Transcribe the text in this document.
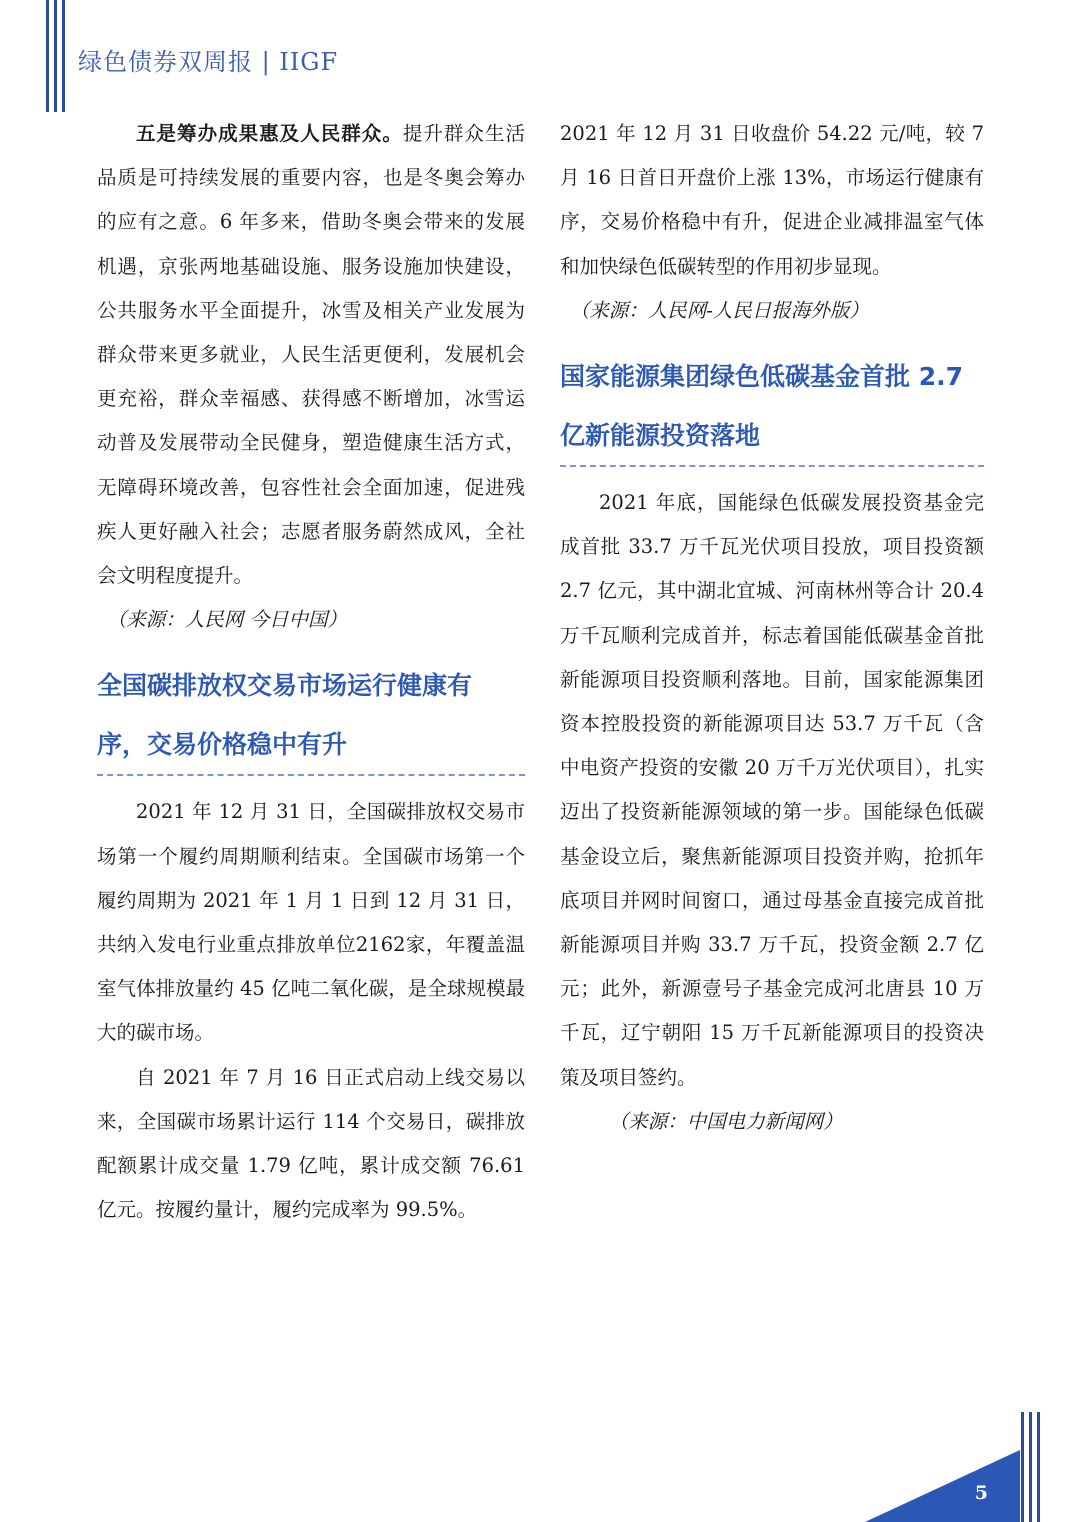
绿色债券双周报 | IIGF

五是筹办成果惠及人民群众。提升群众生活品质是可持续发展的重要内容，也是冬奥会筹办的应有之意。6 年多来，借助冬奥会带来的发展机遇，京张两地基础设施、服务设施加快建设，公共服务水平全面提升，冰雪及相关产业发展为群众带来更多就业，人民生活更便利，发展机会更充裕，群众幸福感、获得感不断增加，冰雪运动普及发展带动全民健身，塑造健康生活方式，无障碍环境改善，包容性社会全面加速，促进残疾人更好融入社会；志愿者服务蔚然成风，全社会文明程度提升。

（来源：人民网 今日中国）

全国碳排放权交易市场运行健康有
序，交易价格稳中有升

2021 年 12 月 31 日，全国碳排放权交易市场第一个履约周期顺利结束。全国碳市场第一个履约周期为 2021 年 1 月 1 日到 12 月 31 日，共纳入发电行业重点排放单位2162家，年覆盖温室气体排放量约 45 亿吨二氧化碳，是全球规模最大的碳市场。

自 2021 年 7 月 16 日正式启动上线交易以来，全国碳市场累计运行 114 个交易日，碳排放配额累计成交量 1.79 亿吨，累计成交额 76.61 亿元。按履约量计，履约完成率为 99.5%。

2021 年 12 月 31 日收盘价 54.22 元/吨，较 7 月 16 日首日开盘价上涨 13%，市场运行健康有序，交易价格稳中有升，促进企业减排温室气体和加快绿色低碳转型的作用初步显现。

（来源：人民网-人民日报海外版）

国家能源集团绿色低碳基金首批 2.7
亿新能源投资落地

2021 年底，国能绿色低碳发展投资基金完成首批 33.7 万千瓦光伏项目投放，项目投资额 2.7 亿元，其中湖北宜城、河南林州等合计 20.4 万千瓦顺利完成首并，标志着国能低碳基金首批新能源项目投资顺利落地。目前，国家能源集团资本控股投资的新能源项目达 53.7 万千瓦（含中电资产投资的安徽 20 万千万光伏项目），扎实迈出了投资新能源领域的第一步。国能绿色低碳基金设立后，聚焦新能源项目投资并购，抢抓年底项目并网时间窗口，通过母基金直接完成首批新能源项目并购 33.7 万千瓦，投资金额 2.7 亿元；此外，新源壹号子基金完成河北唐县 10 万千瓦，辽宁朝阳 15 万千瓦新能源项目的投资决策及项目签约。

（来源：中国电力新闻网）

5
